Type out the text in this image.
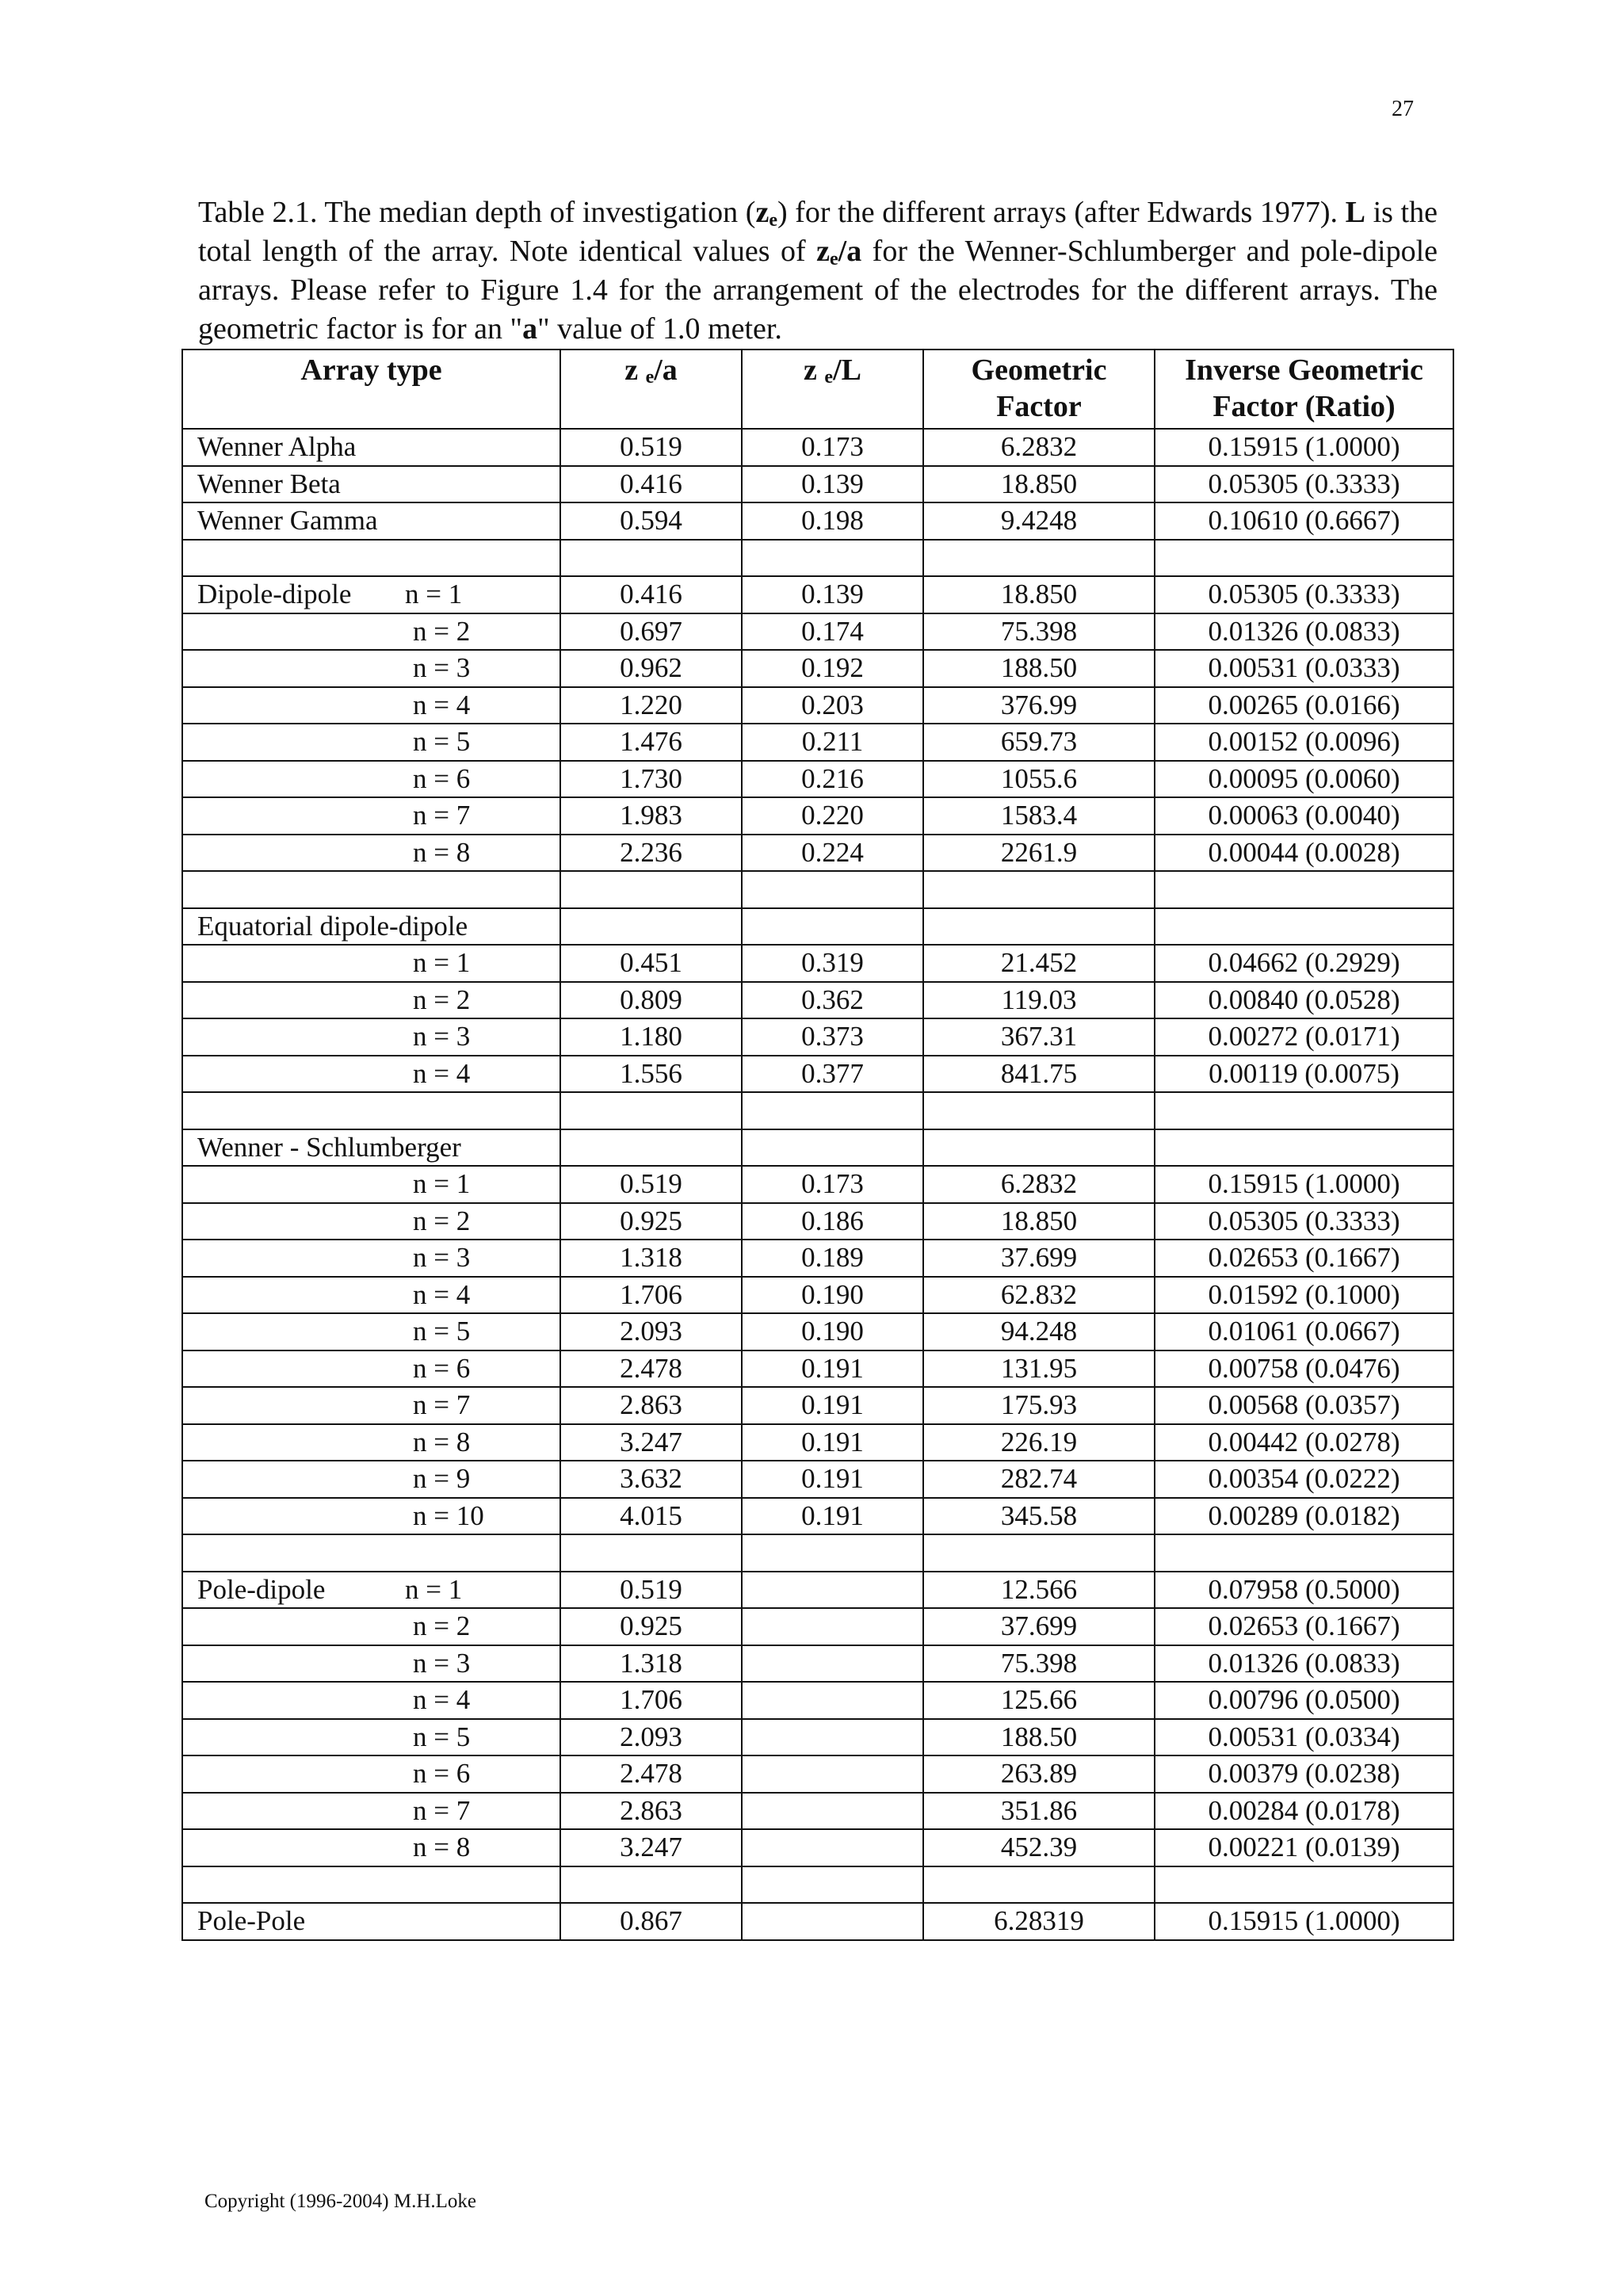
27
Table 2.1. The median depth of investigation $(z_e)$ for the different arrays (after Edwards 1977). L is the total length of the array. Note identical values of $z_e/a$ for the Wenner-Schlumberger and pole-dipole arrays. Please refer to Figure 1.4 for the arrangement of the electrodes for the different arrays. The geometric factor is for an "a" value of 1.0 meter.
Array type	z $_e$/a	z $_e$/L	Geometric Factor	Inverse Geometric Factor (Ratio)
Wenner Alpha	0.519	0.173	6.2832	0.15915 (1.0000)
Wenner Beta	0.416	0.139	18.850	0.05305 (0.3333)
Wenner Gamma	0.594	0.198	9.4248	0.10610 (0.6667)

Dipole-dipole n = 1	0.416	0.139	18.850	0.05305 (0.3333)
n = 2	0.697	0.174	75.398	0.01326 (0.0833)
n = 3	0.962	0.192	188.50	0.00531 (0.0333)
n = 4	1.220	0.203	376.99	0.00265 (0.0166)
n = 5	1.476	0.211	659.73	0.00152 (0.0096)
n = 6	1.730	0.216	1055.6	0.00095 (0.0060)
n = 7	1.983	0.220	1583.4	0.00063 (0.0040)
n = 8	2.236	0.224	2261.9	0.00044 (0.0028)

Equatorial dipole-dipole				
n = 1	0.451	0.319	21.452	0.04662 (0.2929)
n = 2	0.809	0.362	119.03	0.00840 (0.0528)
n = 3	1.180	0.373	367.31	0.00272 (0.0171)
n = 4	1.556	0.377	841.75	0.00119 (0.0075)

Wenner - Schlumberger				
n = 1	0.519	0.173	6.2832	0.15915 (1.0000)
n = 2	0.925	0.186	18.850	0.05305 (0.3333)
n = 3	1.318	0.189	37.699	0.02653 (0.1667)
n = 4	1.706	0.190	62.832	0.01592 (0.1000)
n = 5	2.093	0.190	94.248	0.01061 (0.0667)
n = 6	2.478	0.191	131.95	0.00758 (0.0476)
n = 7	2.863	0.191	175.93	0.00568 (0.0357)
n = 8	3.247	0.191	226.19	0.00442 (0.0278)
n = 9	3.632	0.191	282.74	0.00354 (0.0222)
n = 10	4.015	0.191	345.58	0.00289 (0.0182)

Pole-dipole n = 1	0.519		12.566	0.07958 (0.5000)
n = 2	0.925		37.699	0.02653 (0.1667)
n = 3	1.318		75.398	0.01326 (0.0833)
n = 4	1.706		125.66	0.00796 (0.0500)
n = 5	2.093		188.50	0.00531 (0.0334)
n = 6	2.478		263.89	0.00379 (0.0238)
n = 7	2.863		351.86	0.00284 (0.0178)
n = 8	3.247		452.39	0.00221 (0.0139)

Pole-Pole	0.867		6.28319	0.15915 (1.0000)
Copyright (1996-2004) M.H.Loke
